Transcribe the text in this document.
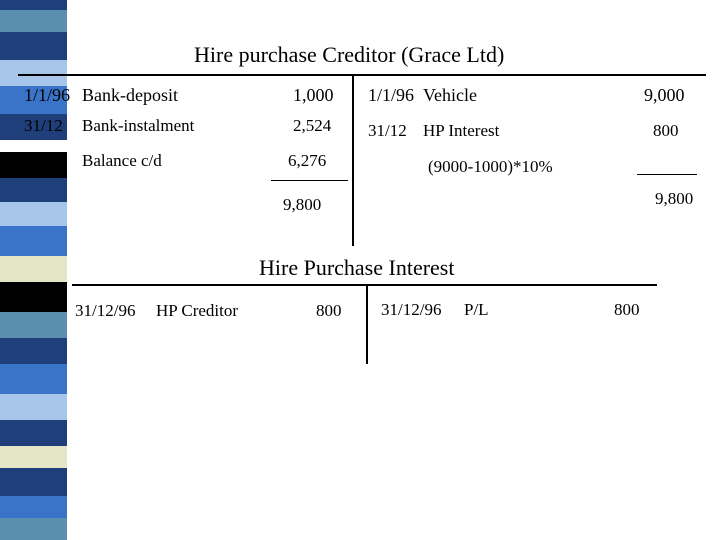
Hire purchase Creditor (Grace Ltd)
1/1/96 Bank-deposit	1,000
31/12 Bank-instalment	2,524
31/12 Balance c/d	6,276
9,800
1/1/96 Vehicle	9,000
31/12 HP Interest	800
(9000-1000)*10%
9,800
Hire Purchase Interest
31/12/96 HP Creditor	800 31/12/96 P/L	800
